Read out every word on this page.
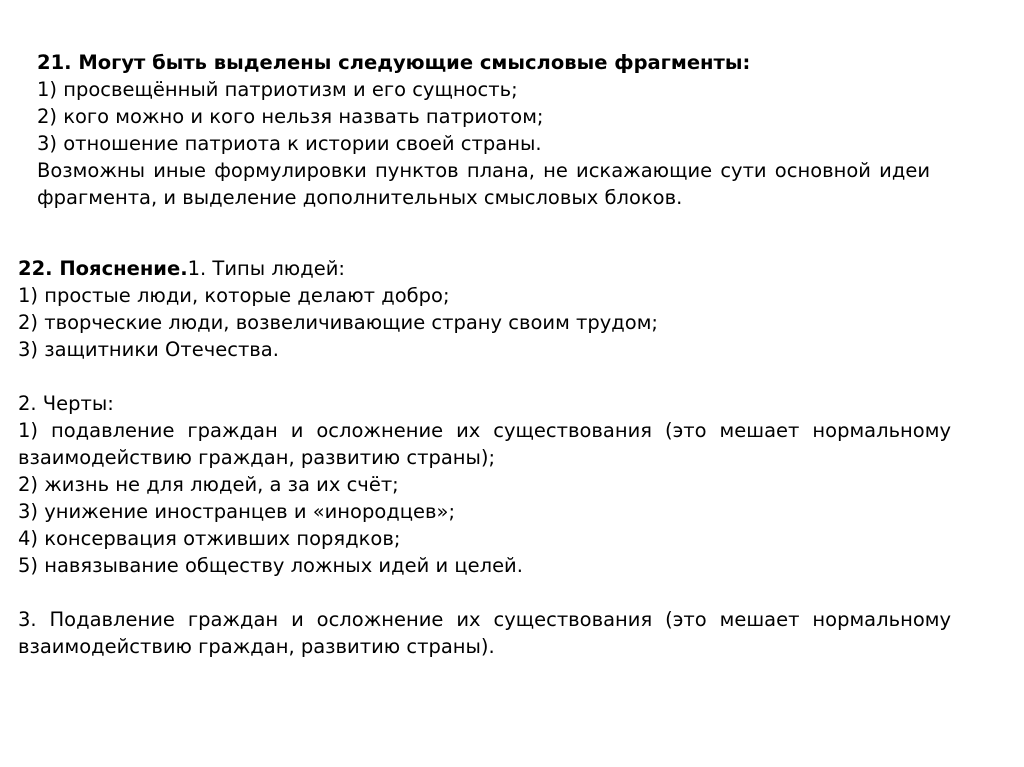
21. Могут быть выделены следующие смысловые фрагменты:
1) просвещённый патриотизм и его сущность;
2) кого можно и кого нельзя назвать патриотом;
3) отношение патриота к истории своей страны.
Возможны иные формулировки пунктов плана, не искажающие сути основной идеи фрагмента, и выделение дополнительных смысловых блоков.
22. Пояснение.1. Типы людей:
1) простые люди, которые делают добро;
2) творческие люди, возвеличивающие страну своим трудом;
3) защитники Отечества.
2. Черты:
1) подавление граждан и осложнение их существования (это мешает нормальному взаимодействию граждан, развитию страны);
2) жизнь не для людей, а за их счёт;
3) унижение иностранцев и «инородцев»;
4) консервация отживших порядков;
5) навязывание обществу ложных идей и целей.
3. Подавление граждан и осложнение их существования (это мешает нормальному взаимодействию граждан, развитию страны).
